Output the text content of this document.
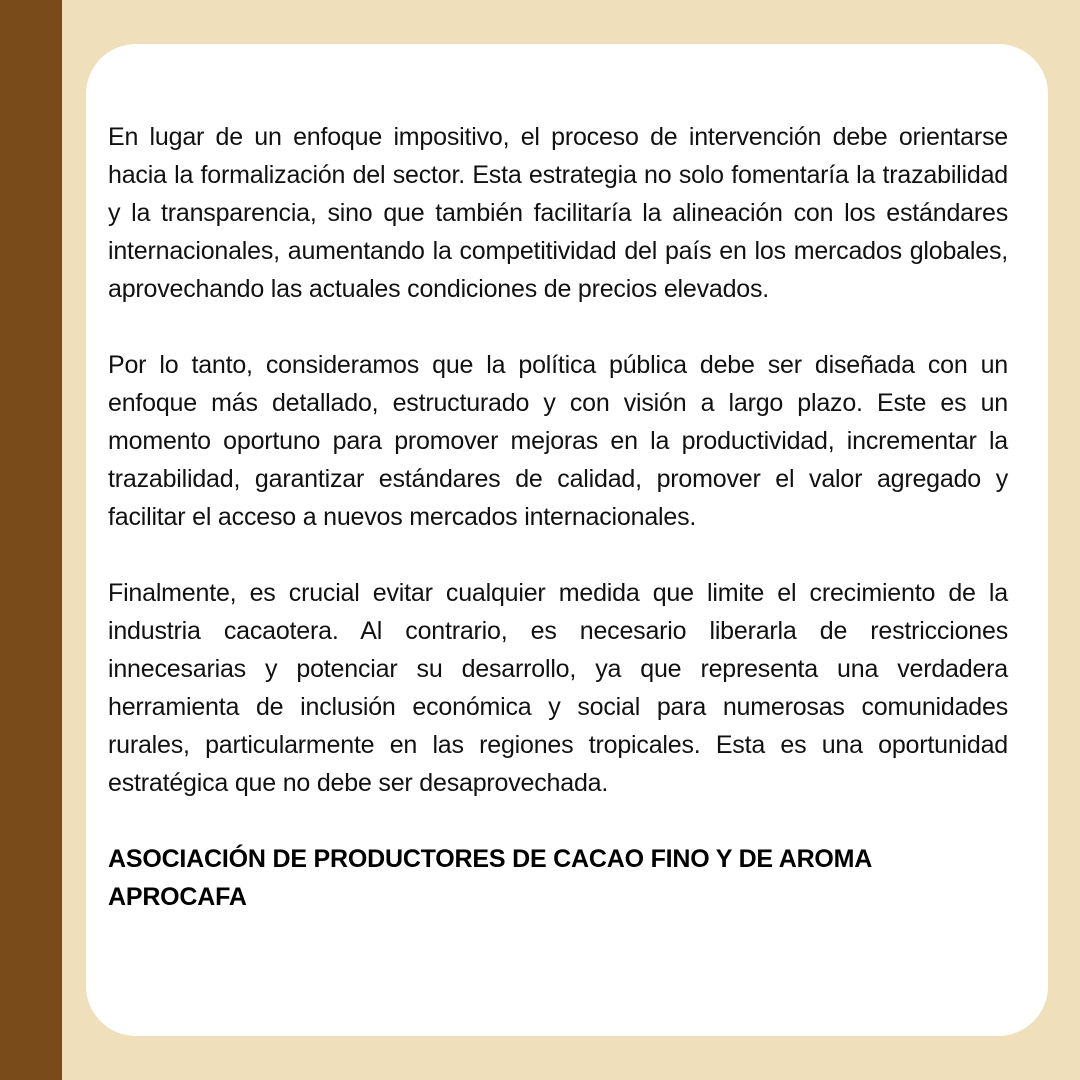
En lugar de un enfoque impositivo, el proceso de intervención debe orientarse hacia la formalización del sector. Esta estrategia no solo fomentaría la trazabilidad y la transparencia, sino que también facilitaría la alineación con los estándares internacionales, aumentando la competitividad del país en los mercados globales, aprovechando las actuales condiciones de precios elevados.

Por lo tanto, consideramos que la política pública debe ser diseñada con un enfoque más detallado, estructurado y con visión a largo plazo. Este es un momento oportuno para promover mejoras en la productividad, incrementar la trazabilidad, garantizar estándares de calidad, promover el valor agregado y facilitar el acceso a nuevos mercados internacionales.

Finalmente, es crucial evitar cualquier medida que limite el crecimiento de la industria cacaotera. Al contrario, es necesario liberarla de restricciones innecesarias y potenciar su desarrollo, ya que representa una verdadera herramienta de inclusión económica y social para numerosas comunidades rurales, particularmente en las regiones tropicales. Esta es una oportunidad estratégica que no debe ser desaprovechada.

ASOCIACIÓN DE PRODUCTORES DE CACAO FINO Y DE AROMA
APROCAFA
